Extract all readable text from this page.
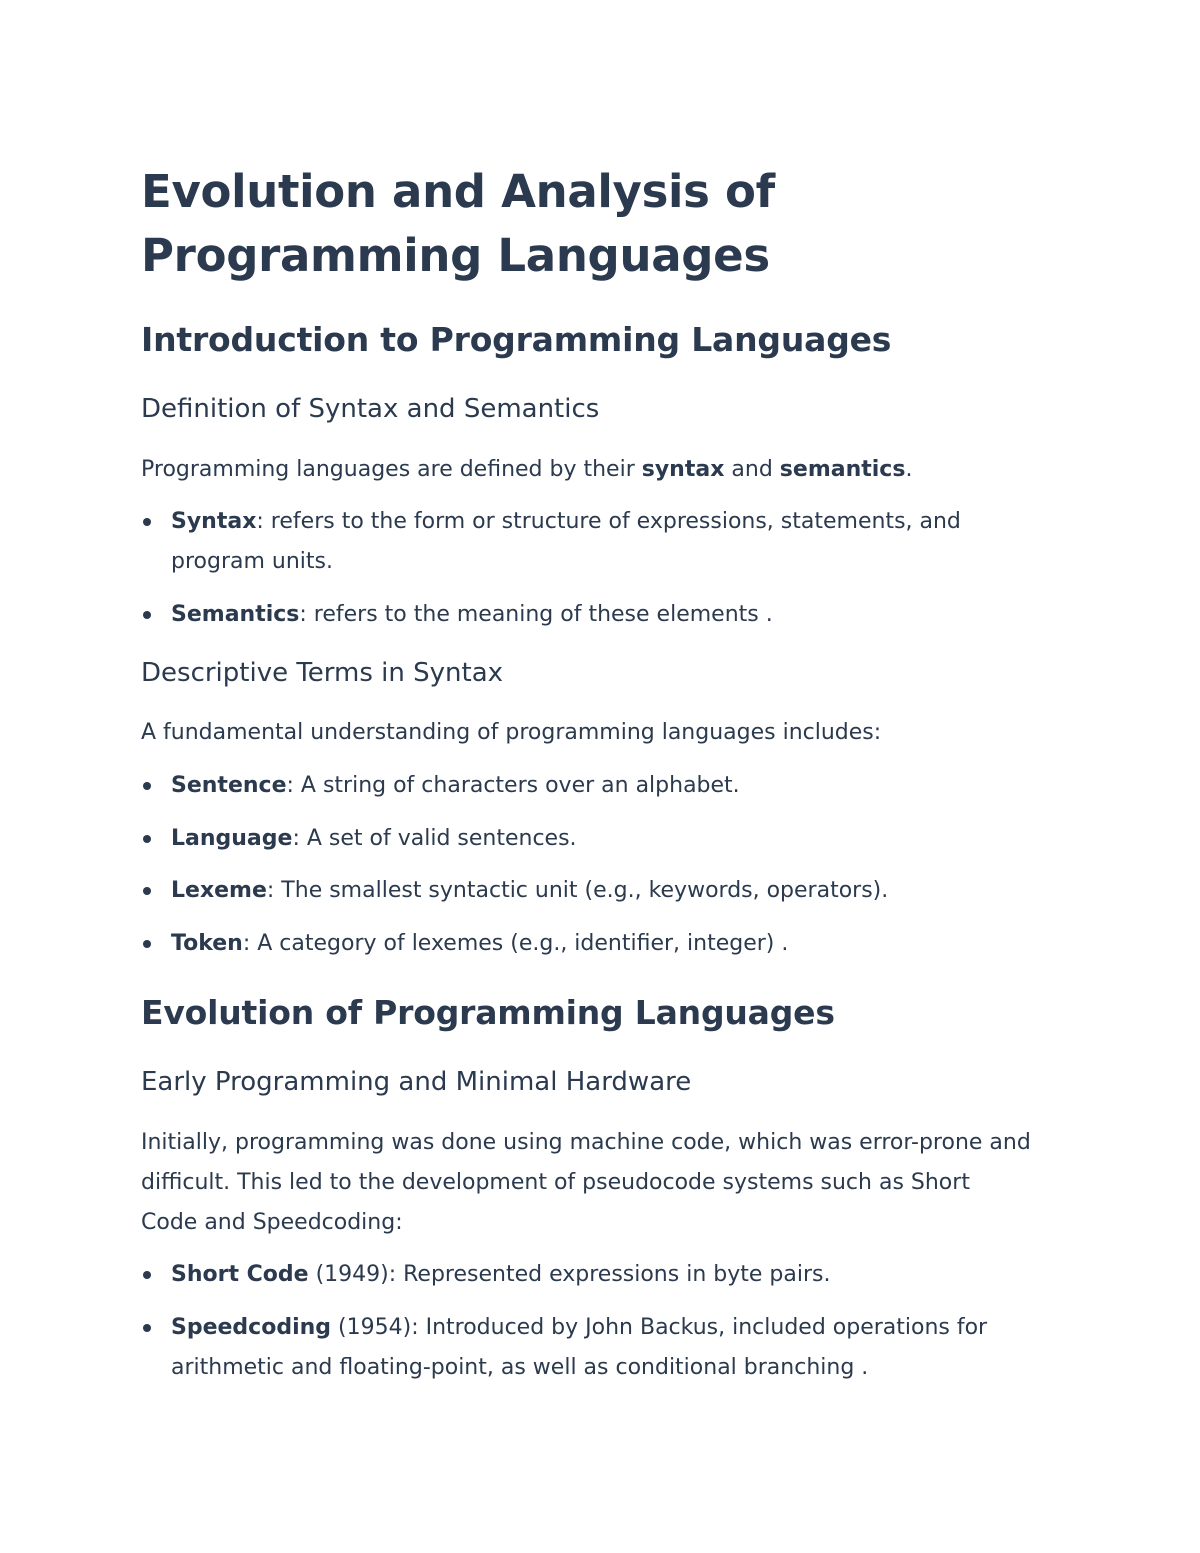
Evolution and Analysis of Programming Languages
Introduction to Programming Languages
Definition of Syntax and Semantics

Programming languages are defined by their syntax and semantics.

Syntax: refers to the form or structure of expressions, statements, and program units.
Semantics: refers to the meaning of these elements .
Descriptive Terms in Syntax

A fundamental understanding of programming languages includes:

Sentence: A string of characters over an alphabet.
Language: A set of valid sentences.
Lexeme: The smallest syntactic unit (e.g., keywords, operators).
Token: A category of lexemes (e.g., identifier, integer) .
Evolution of Programming Languages
Early Programming and Minimal Hardware

Initially, programming was done using machine code, which was error-prone and difficult. This led to the development of pseudocode systems such as Short Code and Speedcoding:

Short Code (1949): Represented expressions in byte pairs.
Speedcoding (1954): Introduced by John Backus, included operations for arithmetic and floating-point, as well as conditional branching .
